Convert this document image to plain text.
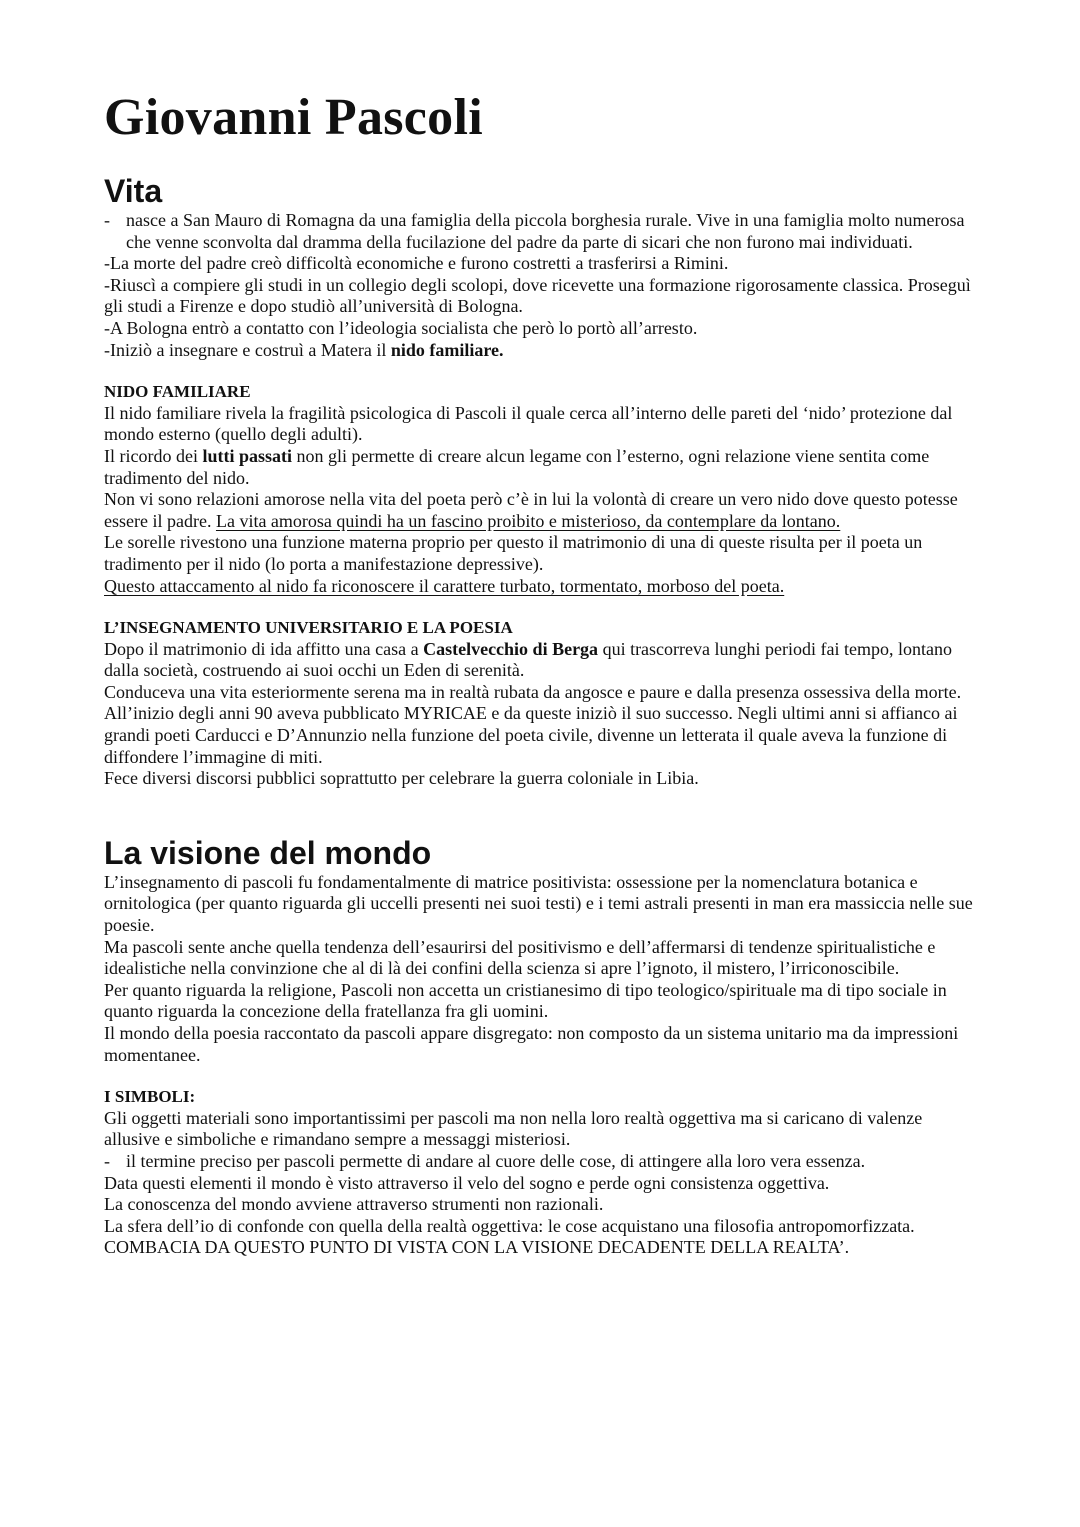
Giovanni Pascoli
Vita
- nasce a San Mauro di Romagna da una famiglia della piccola borghesia rurale. Vive in una famiglia molto numerosa che venne sconvolta dal dramma della fucilazione del padre da parte di sicari che non furono mai individuati.

-La morte del padre creò difficoltà economiche e furono costretti a trasferirsi a Rimini.

-Riuscì a compiere gli studi in un collegio degli scolopi, dove ricevette una formazione rigorosamente classica. Proseguì gli studi a Firenze e dopo studiò all’università di Bologna.

-A Bologna entrò a contatto con l’ideologia socialista che però lo portò all’arresto.

-Iniziò a insegnare e costruì a Matera il nido familiare.

NIDO FAMILIARE

Il nido familiare rivela la fragilità psicologica di Pascoli il quale cerca all’interno delle pareti del ‘nido’ protezione dal mondo esterno (quello degli adulti).

Il ricordo dei lutti passati non gli permette di creare alcun legame con l’esterno, ogni relazione viene sentita come tradimento del nido.

Non vi sono relazioni amorose nella vita del poeta però c’è in lui la volontà di creare un vero nido dove questo potesse essere il padre. La vita amorosa quindi ha un fascino proibito e misterioso, da contemplare da lontano.

Le sorelle rivestono una funzione materna proprio per questo il matrimonio di una di queste risulta per il poeta un tradimento per il nido (lo porta a manifestazione depressive).

Questo attaccamento al nido fa riconoscere il carattere turbato, tormentato, morboso del poeta.

L’INSEGNAMENTO UNIVERSITARIO E LA POESIA

Dopo il matrimonio di ida affitto una casa a Castelvecchio di Berga qui trascorreva lunghi periodi fai tempo, lontano dalla società, costruendo ai suoi occhi un Eden di serenità.

Conduceva una vita esteriormente serena ma in realtà rubata da angosce e paure e dalla presenza ossessiva della morte.

All’inizio degli anni 90 aveva pubblicato MYRICAE e da queste iniziò il suo successo. Negli ultimi anni si affianco ai grandi poeti Carducci e D’Annunzio nella funzione del poeta civile, divenne un letterata il quale aveva la funzione di diffondere l’immagine di miti.

Fece diversi discorsi pubblici soprattutto per celebrare la guerra coloniale in Libia.

La visione del mondo

L’insegnamento di pascoli fu fondamentalmente di matrice positivista: ossessione per la nomenclatura botanica e ornitologica (per quanto riguarda gli uccelli presenti nei suoi testi) e i temi astrali presenti in man era massiccia nelle sue poesie.

Ma pascoli sente anche quella tendenza dell’esaurirsi del positivismo e dell’affermarsi di tendenze spiritualistiche e idealistiche nella convinzione che al di là dei confini della scienza si apre l’ignoto, il mistero, l’irriconoscibile.

Per quanto riguarda la religione, Pascoli non accetta un cristianesimo di tipo teologico/spirituale ma di tipo sociale in quanto riguarda la concezione della fratellanza fra gli uomini.

Il mondo della poesia raccontato da pascoli appare disgregato: non composto da un sistema unitario ma da impressioni momentanee.

I SIMBOLI:

Gli oggetti materiali sono importantissimi per pascoli ma non nella loro realtà oggettiva ma si caricano di valenze allusive e simboliche e rimandano sempre a messaggi misteriosi.

- il termine preciso per pascoli permette di andare al cuore delle cose, di attingere alla loro vera essenza.

Data questi elementi il mondo è visto attraverso il velo del sogno e perde ogni consistenza oggettiva.

La conoscenza del mondo avviene attraverso strumenti non razionali.

La sfera dell’io di confonde con quella della realtà oggettiva: le cose acquistano una filosofia antropomorfizzata.

COMBACIA DA QUESTO PUNTO DI VISTA CON LA VISIONE DECADENTE DELLA REALTA’.
